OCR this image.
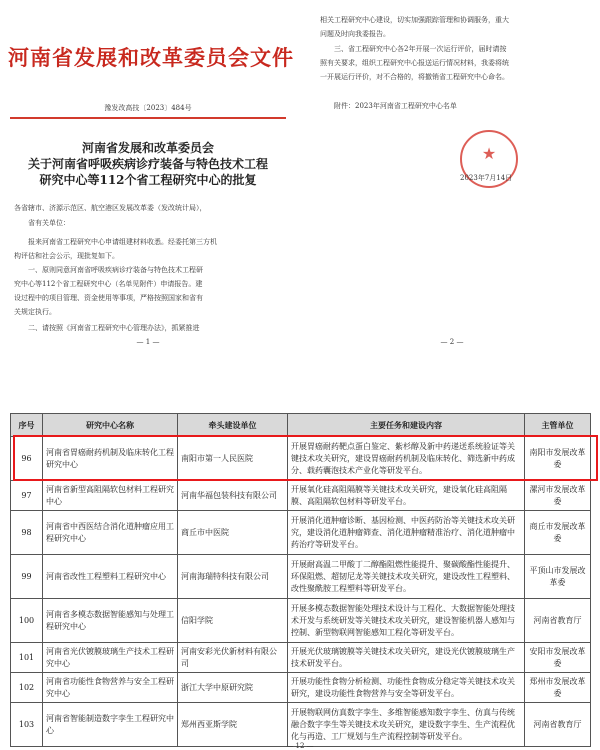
河南省发展和改革委员会文件
豫发改高技〔2023〕484号
河南省发展和改革委员会
关于河南省呼吸疾病诊疗装备与特色技术工程
研究中心等112个省工程研究中心的批复
各省辖市、济源示范区、航空港区发展改革委（发改统计局），
省有关单位：
报来河南省工程研究中心申请组建材料收悉。经委托第三方机
构评估和社会公示，现批复如下。
一、原则同意河南省呼吸疾病诊疗装备与特色技术工程研
究中心等112个省工程研究中心（名单见附件）申请报告。建
设过程中的项目管理、资金使用等事项，严格按照国家和省有
关规定执行。
二、请按照《河南省工程研究中心管理办法》，抓紧推进
— 1 —
相关工程研究中心建设，切实加强跟踪管理和协调服务，重大
问题及时向我委报告。
三、省工程研究中心各2年开展一次运行评价，届时请按
照有关要求，组织工程研究中心报送运行情况材料，我委将统
一开展运行评价，对不合格的，将撤销省工程研究中心命名。
附件：2023年河南省工程研究中心名单
★
2023年7月14日
— 2 —
序号	研究中心名称	牵头建设单位	主要任务和建设内容	主管单位
96	河南省胃癌耐药机制及临床转化工程研究中心	南阳市第一人民医院	开展胃癌耐药靶点蛋白鉴定、紫杉醇及新中药递送系统验证等关键技术攻关研究，建设胃癌耐药机制及临床转化、筛选新中药成分、载药囊泡技术产业化等研发平台。	南阳市发展改革委
97	河南省新型高阻隔软包材料工程研究中心	河南华福包装科技有限公司	开展氧化硅高阻隔膜等关键技术攻关研究，建设氧化硅高阻隔膜、高阻隔软包材料等研发平台。	漯河市发展改革委
98	河南省中西医结合消化道肿瘤应用工程研究中心	商丘市中医院	开展消化道肿瘤诊断、基因检测、中医药防治等关键技术攻关研究，建设消化道肿瘤筛查、消化道肿瘤精准治疗、消化道肿瘤中药治疗等研发平台。	商丘市发展改革委
99	河南省改性工程塑料工程研究中心	河南海瑞特科技有限公司	开展耐高温二甲酸丁二醇酯阻燃性能提升、聚碳酸酯性能提升、环保阻燃、超韧尼龙等关键技术攻关研究，建设改性工程塑料、改性聚酰胺工程塑料等研发平台。	平顶山市发展改革委
100	河南省多模态数据智能感知与处理工程研究中心	信阳学院	开展多模态数据智能处理技术设计与工程化、大数据智能处理技术开发与系统研发等关键技术攻关研究，建设智能机器人感知与控制、新型物联网智能感知工程化等研发平台。	河南省教育厅
101	河南省光伏镀膜玻璃生产技术工程研究中心	河南安彩光伏新材料有限公司	开展光伏玻璃镀膜等关键技术攻关研究，建设光伏镀膜玻璃生产技术研发平台。	安阳市发展改革委
102	河南省功能性食物营养与安全工程研究中心	浙江大学中原研究院	开展功能性食物分析检测、功能性食物成分稳定等关键技术攻关研究，建设功能性食物营养与安全等研发平台。	郑州市发展改革委
103	河南省智能制造数字孪生工程研究中心	郑州西亚斯学院	开展物联网仿真数字孪生、多维智能感知数字孪生、仿真与传统融合数字孪生等关键技术攻关研究，建设数字孪生、生产流程优化与再造、工厂规划与生产流程控制等研发平台。	河南省教育厅
— 12 —
